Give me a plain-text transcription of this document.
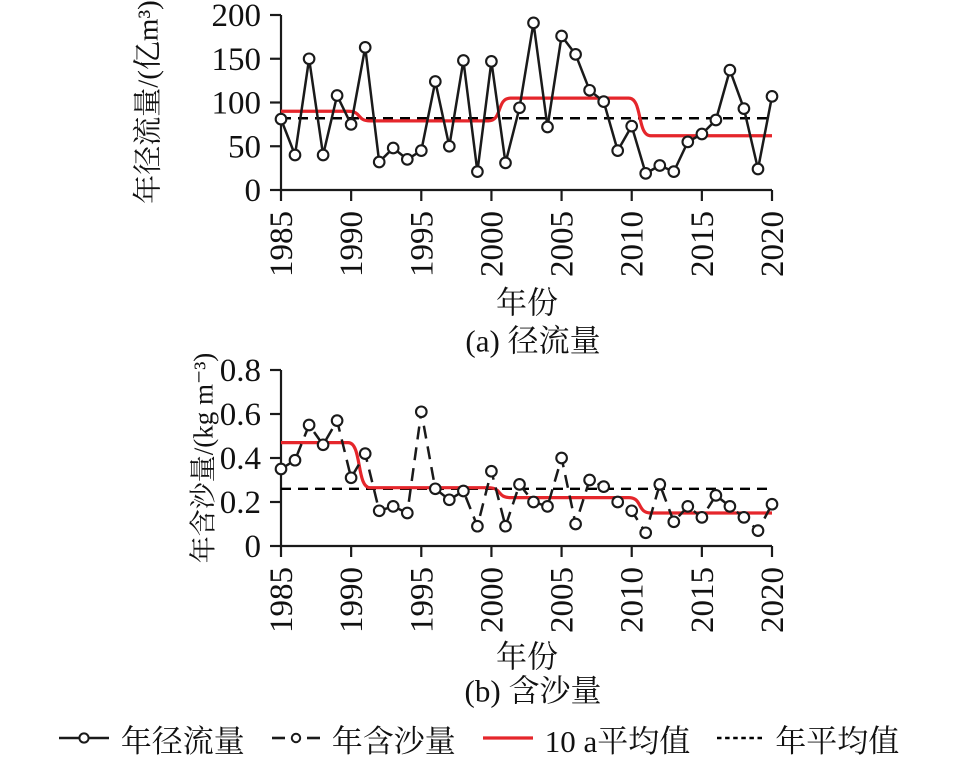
0
50
100
150
200
1985 1990 1995 2000 2005 2010 2015 2020
0
0.2
0.4
0.6
0.8
1985 1990 1995 2000 2005 2010 2015 2020
年径流量/(亿m³)
年份
(a) 径流量
年含沙量/(kg m⁻³)
年份
(b) 含沙量
年径流量	年含沙量	10 a平均值	年平均值
